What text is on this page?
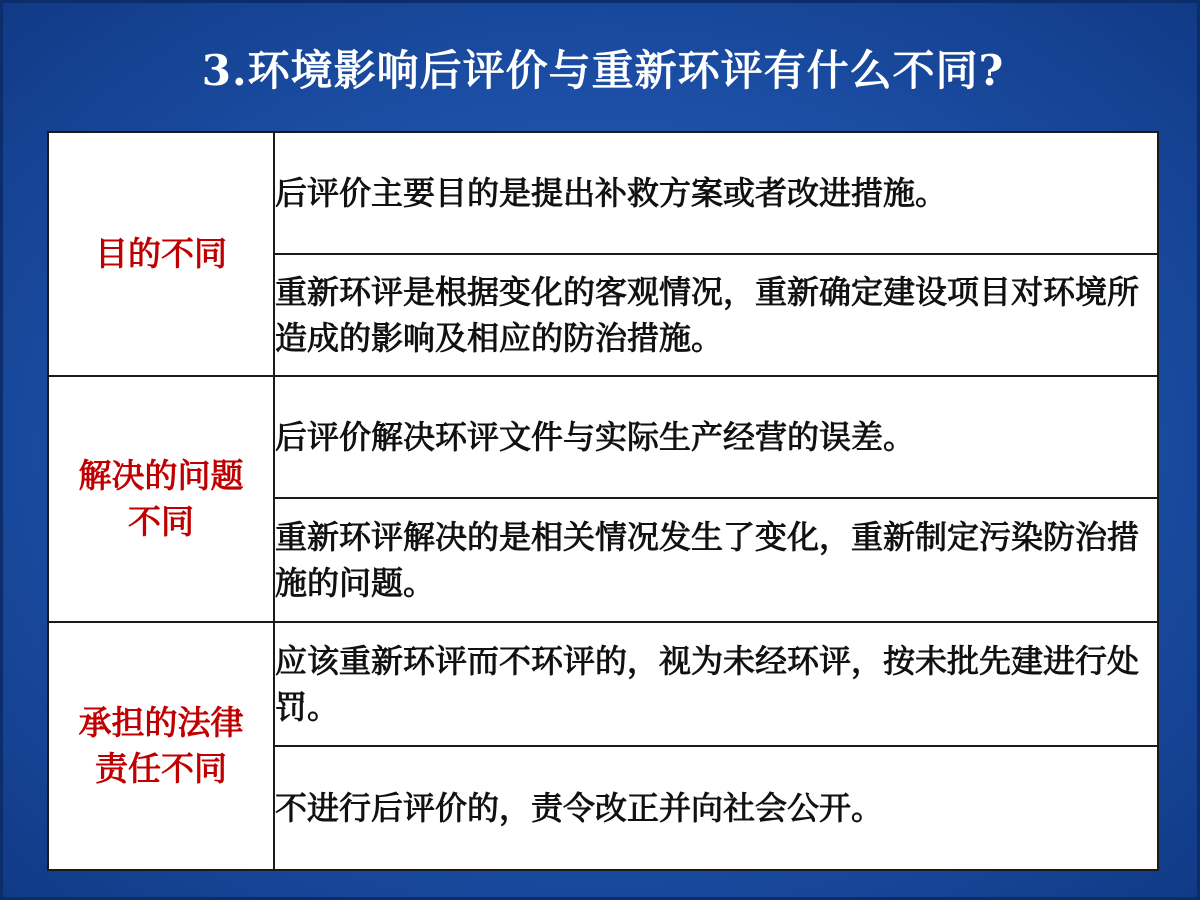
3.环境影响后评价与重新环评有什么不同?
目的不同	后评价主要目的是提出补救方案或者改进措施。
	重新环评是根据变化的客观情况，重新确定建设项目对环境所造成的影响及相应的防治措施。
解决的问题不同	后评价解决环评文件与实际生产经营的误差。
	重新环评解决的是相关情况发生了变化，重新制定污染防治措施的问题。
承担的法律责任不同	应该重新环评而不环评的，视为未经环评，按未批先建进行处罚。
	不进行后评价的，责令改正并向社会公开。
